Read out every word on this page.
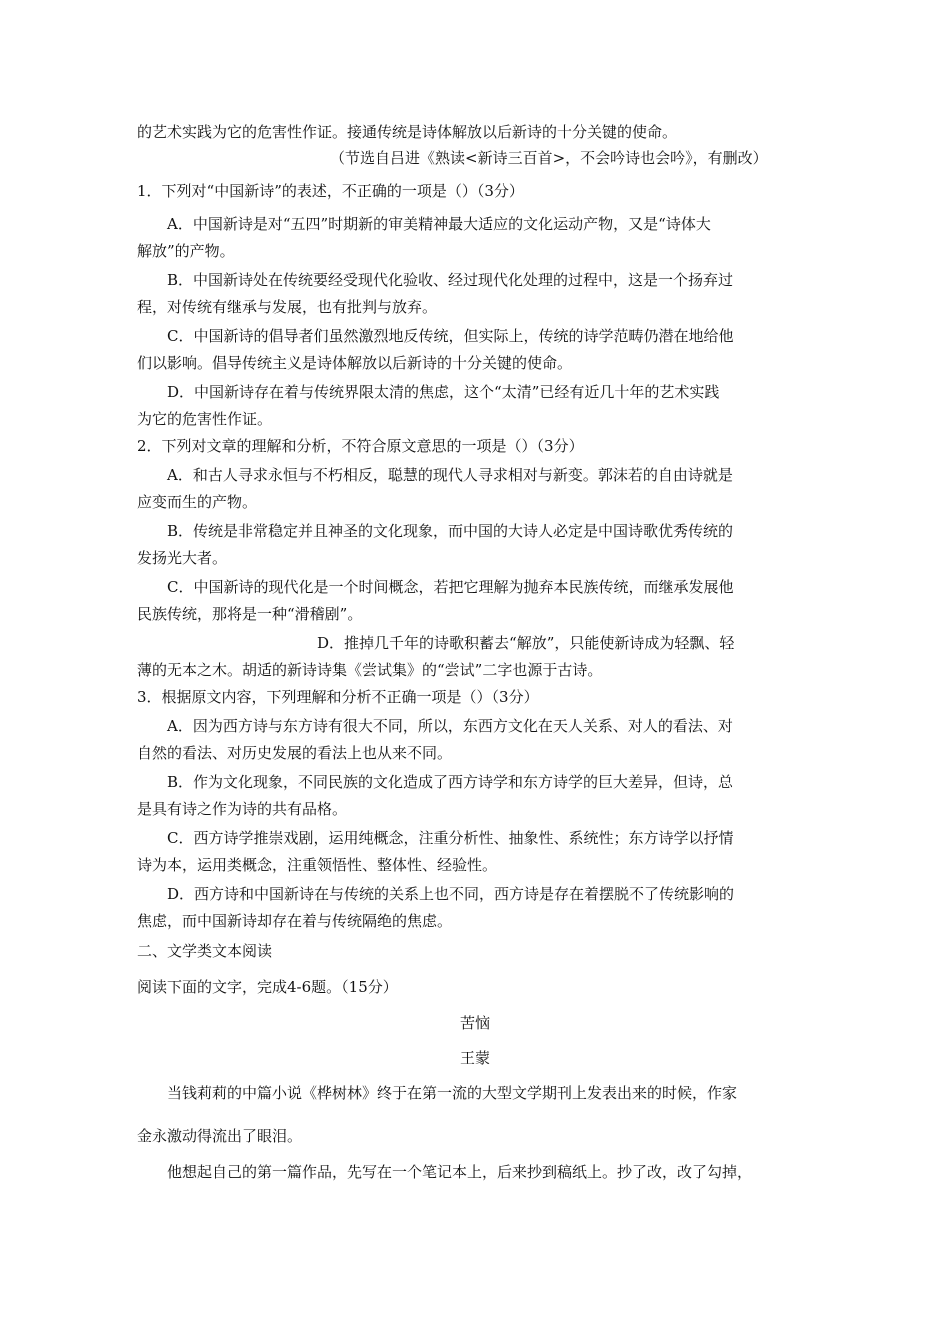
的艺术实践为它的危害性作证。接通传统是诗体解放以后新诗的十分关键的使命。
（节选自吕进《熟读<新诗三百首>，不会吟诗也会吟》，有删改）
1．下列对“中国新诗”的表述，不正确的一项是（）（3分）
A．中国新诗是对“五四”时期新的审美精神最大适应的文化运动产物，又是“诗体大
解放”的产物。
B．中国新诗处在传统要经受现代化验收、经过现代化处理的过程中，这是一个扬弃过
程，对传统有继承与发展，也有批判与放弃。
C．中国新诗的倡导者们虽然激烈地反传统，但实际上，传统的诗学范畴仍潜在地给他
们以影响。倡导传统主义是诗体解放以后新诗的十分关键的使命。
D．中国新诗存在着与传统界限太清的焦虑，这个“太清”已经有近几十年的艺术实践
为它的危害性作证。
2．下列对文章的理解和分析，不符合原文意思的一项是（）（3分）
A．和古人寻求永恒与不朽相反，聪慧的现代人寻求相对与新变。郭沫若的自由诗就是
应变而生的产物。
B．传统是非常稳定并且神圣的文化现象，而中国的大诗人必定是中国诗歌优秀传统的
发扬光大者。
C．中国新诗的现代化是一个时间概念，若把它理解为抛弃本民族传统，而继承发展他
民族传统，那将是一种“滑稽剧”。
D．推掉几千年的诗歌积蓄去“解放”，只能使新诗成为轻飘、轻
薄的无本之木。胡适的新诗诗集《尝试集》的“尝试”二字也源于古诗。
3．根据原文内容，下列理解和分析不正确一项是（）（3分）
A．因为西方诗与东方诗有很大不同，所以，东西方文化在天人关系、对人的看法、对
自然的看法、对历史发展的看法上也从来不同。
B．作为文化现象，不同民族的文化造成了西方诗学和东方诗学的巨大差异，但诗，总
是具有诗之作为诗的共有品格。
C．西方诗学推崇戏剧，运用纯概念，注重分析性、抽象性、系统性；东方诗学以抒情
诗为本，运用类概念，注重领悟性、整体性、经验性。
D．西方诗和中国新诗在与传统的关系上也不同，西方诗是存在着摆脱不了传统影响的
焦虑，而中国新诗却存在着与传统隔绝的焦虑。
二、文学类文本阅读
阅读下面的文字，完成4-6题。（15分）
苦恼
王蒙
当钱莉莉的中篇小说《桦树林》终于在第一流的大型文学期刊上发表出来的时候，作家
金永激动得流出了眼泪。
他想起自己的第一篇作品，先写在一个笔记本上，后来抄到稿纸上。抄了改，改了勾掉，
